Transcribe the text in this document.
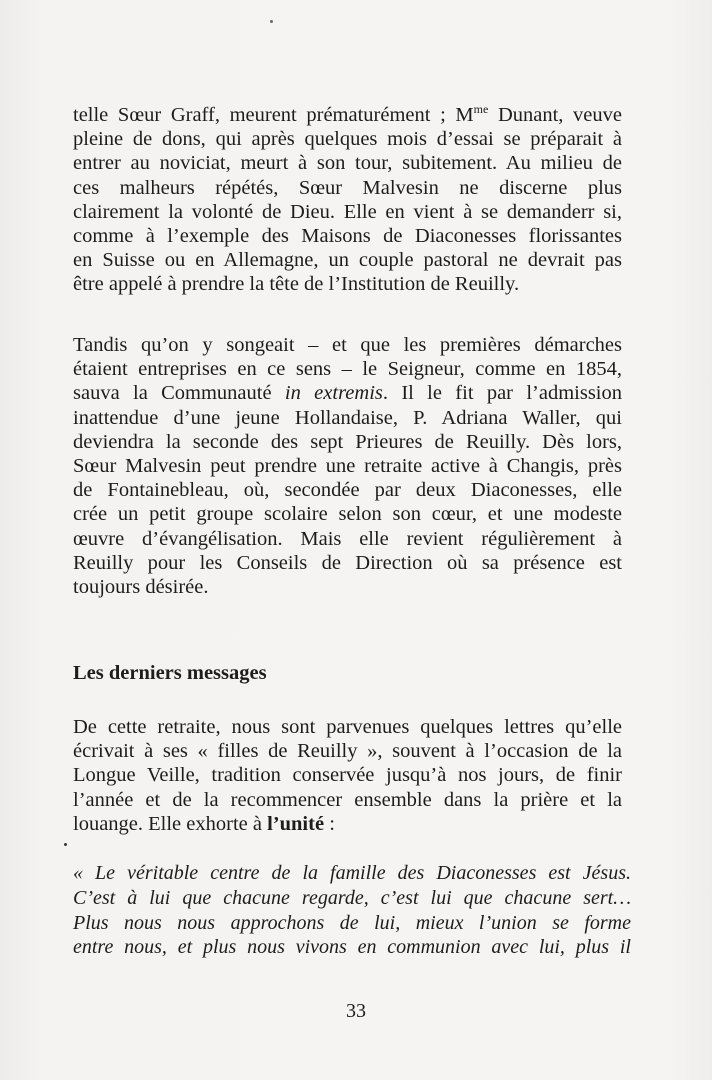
telle Sœur Graff, meurent prématurément ; $M^{me}$ Dunant, veuve
pleine de dons, qui après quelques mois d’essai se préparait à
entrer au noviciat, meurt à son tour, subitement. Au milieu de
ces malheurs répétés, Sœur Malvesin ne discerne plus
clairement la volonté de Dieu. Elle en vient à se demanderr si,
comme à l’exemple des Maisons de Diaconesses florissantes
en Suisse ou en Allemagne, un couple pastoral ne devrait pas
être appelé à prendre la tête de l’Institution de Reuilly.
Tandis qu’on y songeait – et que les premières démarches
étaient entreprises en ce sens – le Seigneur, comme en 1854,
sauva la Communauté in extremis. Il le fit par l’admission
inattendue d’une jeune Hollandaise, P. Adriana Waller, qui
deviendra la seconde des sept Prieures de Reuilly. Dès lors,
Sœur Malvesin peut prendre une retraite active à Changis, près
de Fontainebleau, où, secondée par deux Diaconesses, elle
crée un petit groupe scolaire selon son cœur, et une modeste
œuvre d’évangélisation. Mais elle revient régulièrement à
Reuilly pour les Conseils de Direction où sa présence est
toujours désirée.
Les derniers messages
De cette retraite, nous sont parvenues quelques lettres qu’elle
écrivait à ses « filles de Reuilly », souvent à l’occasion de la
Longue Veille, tradition conservée jusqu’à nos jours, de finir
l’année et de la recommencer ensemble dans la prière et la
louange. Elle exhorte à l’unité :
« Le véritable centre de la famille des Diaconesses est Jésus.
C’est à lui que chacune regarde, c’est lui que chacune sert…
Plus nous nous approchons de lui, mieux l’union se forme
entre nous, et plus nous vivons en communion avec lui, plus il
33
